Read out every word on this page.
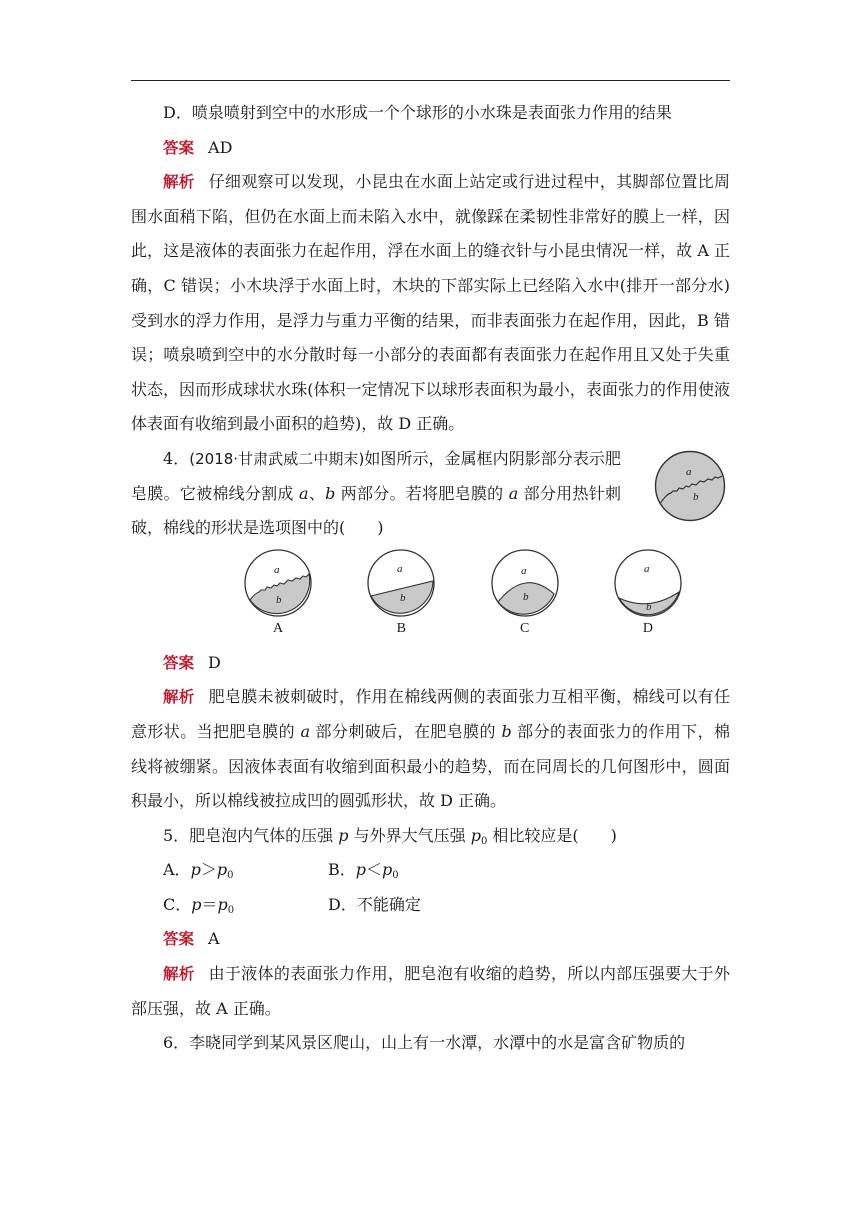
D．喷泉喷射到空中的水形成一个个球形的小水珠是表面张力作用的结果

答案 AD

解析 仔细观察可以发现，小昆虫在水面上站定或行进过程中，其脚部位置比周围水面稍下陷，但仍在水面上而未陷入水中，就像踩在柔韧性非常好的膜上一样，因此，这是液体的表面张力在起作用，浮在水面上的缝衣针与小昆虫情况一样，故 A 正确，C 错误；小木块浮于水面上时，木块的下部实际上已经陷入水中(排开一部分水)受到水的浮力作用，是浮力与重力平衡的结果，而非表面张力在起作用，因此，B 错误；喷泉喷到空中的水分散时每一小部分的表面都有表面张力在起作用且又处于失重状态，因而形成球状水珠(体积一定情况下以球形表面积为最小，表面张力的作用使液体表面有收缩到最小面积的趋势)，故 D 正确。

4．(2018·甘肃武威二中期末)如图所示，金属框内阴影部分表示肥皂膜。它被棉线分割成 a、b 两部分。若将肥皂膜的 a 部分用热针刺破，棉线的形状是选项图中的(　　)

a
b
a
b
A
a
b
B
a
b
C
a
b
D

答案 D

解析 肥皂膜未被刺破时，作用在棉线两侧的表面张力互相平衡，棉线可以有任意形状。当把肥皂膜的 a 部分刺破后，在肥皂膜的 b 部分的表面张力的作用下，棉线将被绷紧。因液体表面有收缩到面积最小的趋势，而在同周长的几何图形中，圆面积最小，所以棉线被拉成凹的圆弧形状，故 D 正确。

5．肥皂泡内气体的压强 p 与外界大气压强 $p_0$ 相比较应是(　　)

A．$p>p_0$	B．$p<p_0$
C．$p=p_0$	D．不能确定

答案 A

解析 由于液体的表面张力作用，肥皂泡有收缩的趋势，所以内部压强要大于外部压强，故 A 正确。

6．李晓同学到某风景区爬山，山上有一水潭，水潭中的水是富含矿物质的
